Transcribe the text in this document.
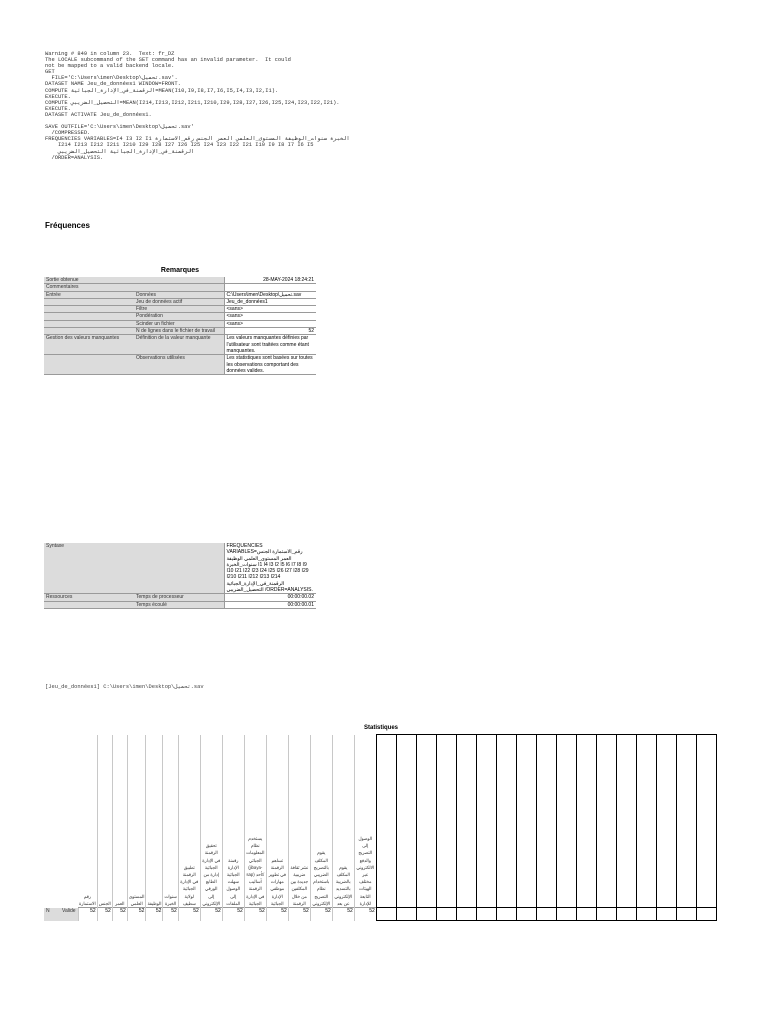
Warning # 849 in column 23.  Text: fr_DZ
The LOCALE subcommand of the SET command has an invalid parameter.  It could
not be mapped to a valid backend locale.
GET
FILE='C:\Users\imen\Desktop\تحميل.sav'.
DATASET NAME Jeu_de_données1 WINDOW=FRONT.
COMPUTE الرقمنة_في_الإدارة_الجبائية=MEAN(I10,I9,I8,I7,I6,I5,I4,I3,I2,I1).
EXECUTE.
COMPUTE التحصيل_الضريبي=MEAN(I214,I213,I212,I211,I210,I29,I28,I27,I26,I25,I24,I23,I22,I21).
EXECUTE.
DATASET ACTIVATE Jeu_de_données1.

SAVE OUTFILE='C:\Users\imen\Desktop\تحميل.sav'
/COMPRESSED.
FREQUENCIES VARIABLES=I4 I3 I2 I1 الخبرة سنوات_الوظيفة المستوى_العلمي العمر الجنس رقم_الاستمارة
I214 I213 I212 I211 I210 I29 I28 I27 I26 I25 I24 I23 I22 I21 I10 I9 I8 I7 I6 I5
الرقمنة_في_الإدارة_الجبائية التحصيل_الضريبي
/ORDER=ANALYSIS.
Fréquences
Remarques
Sortie obtenue		28-MAY-2024 18:24:21
Commentaires		
Entrée	Données	C:\Users\imen\Desktop\تحميل.sav
	Jeu de données actif	Jeu_de_données1
	Filtre	<sans>
	Pondération	<sans>
	Scinder un fichier	<sans>
	N de lignes dans le fichier de travail	52
Gestion des valeurs manquantes	Définition de la valeur manquante	Les valeurs manquantes définies par l'utilisateur sont traitées comme étant manquantes.
	Observations utilisées	Les statistiques sont basées sur toutes les observations comportant des données valides.
Syntaxe		FREQUENCIES VARIABLES=رقم_الاستمارة الجنس العمر المستوى_العلمي الوظيفة سنوات_الخبرة I1 I4 I3 I2 I5 I6 I7 I8 I9 I10 I21 I22 I23 I24 I25 I26 I27 I28 I29 I210 I211 I212 I213 I214 الرقمنة_في_الإدارة_الجبائية التحصيل_الضريبي /ORDER=ANALYSIS.
Ressources	Temps de processeur	00:00:00.02
	Temps écoulé	00:00:00.01
[Jeu_de_données1] C:\Users\imen\Desktop\تحميل.sav
Statistiques
		رقم الاستمارة	الجنس	العمر	المستوى العلمي	الوظيفة	سنوات الخبرة	تطبيق الرقمنة في الإدارة الجبائية لولاية سطيف	تحقيق الرقمنة في الإدارة الجبائية إدارة من الطابع الورقي إلى الإلكتروني	رقمنة الإدارة الجبائية سهلت الوصول إلى الملفات	يستخدم نظام المعلومات الجبائي (jibaya-sap) كأحد أساليب الرقمنة في الإدارة الجبائية	تساهم الرقمنة في تطوير مهارات موظفي الإدارة الجبائية	نشر ثقافة ضريبية جديدة بين المكلفين من خلال الرقمنة	يقوم المكلف بالتصريح الضريبي باستخدام نظام التصريح الإلكتروني	يقوم المكلف بالضريبة بالتسديد الإلكتروني عن بعد	الوصول إلى التصريح والدفع الالكتروني عبر مختلف الهيئات التابعة للإدارة																	
N	Valide	52	52	52	52	52	52	52	52	52	52	52	52	52	52	52																	
